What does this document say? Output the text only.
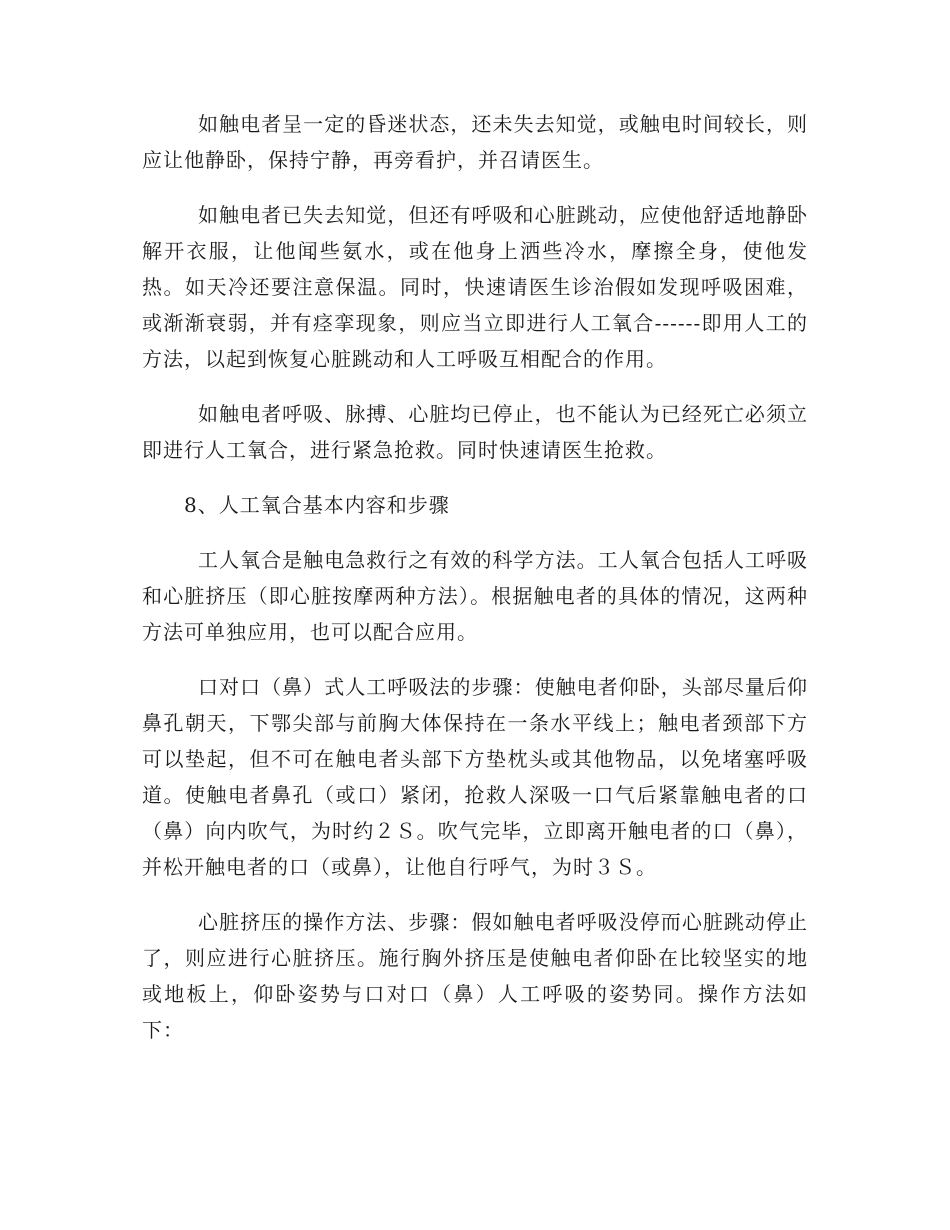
如触电者呈一定的昏迷状态，还未失去知觉，或触电时间较长，则应让他静卧，保持宁静，再旁看护，并召请医生。

如触电者已失去知觉，但还有呼吸和心脏跳动，应使他舒适地静卧解开衣服，让他闻些氨水，或在他身上洒些冷水，摩擦全身，使他发热。如天冷还要注意保温。同时，快速请医生诊治假如发现呼吸困难，或渐渐衰弱，并有痉挛现象，则应当立即进行人工氧合------即用人工的方法，以起到恢复心脏跳动和人工呼吸互相配合的作用。

如触电者呼吸、脉搏、心脏均已停止，也不能认为已经死亡必须立即进行人工氧合，进行紧急抢救。同时快速请医生抢救。

8、人工氧合基本内容和步骤

工人氧合是触电急救行之有效的科学方法。工人氧合包括人工呼吸和心脏挤压（即心脏按摩两种方法）。根据触电者的具体的情况，这两种方法可单独应用，也可以配合应用。

口对口（鼻）式人工呼吸法的步骤：使触电者仰卧，头部尽量后仰鼻孔朝天，下鄂尖部与前胸大体保持在一条水平线上；触电者颈部下方可以垫起，但不可在触电者头部下方垫枕头或其他物品，以免堵塞呼吸道。使触电者鼻孔（或口）紧闭，抢救人深吸一口气后紧靠触电者的口（鼻）向内吹气，为时约２Ｓ。吹气完毕，立即离开触电者的口（鼻），并松开触电者的口（或鼻），让他自行呼气，为时３Ｓ。

心脏挤压的操作方法、步骤：假如触电者呼吸没停而心脏跳动停止了，则应进行心脏挤压。施行胸外挤压是使触电者仰卧在比较坚实的地或地板上，仰卧姿势与口对口（鼻）人工呼吸的姿势同。操作方法如下：
